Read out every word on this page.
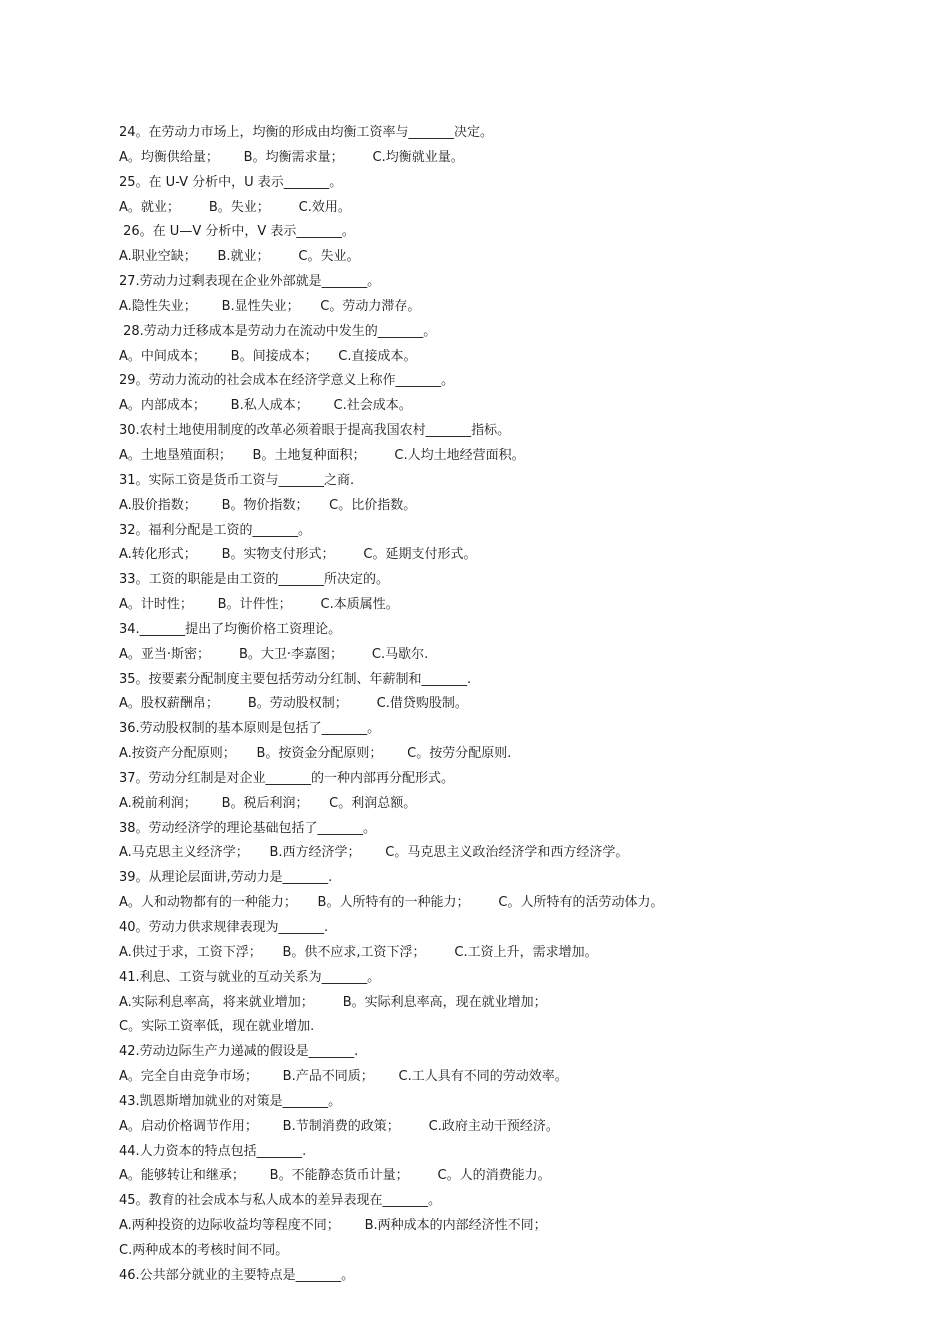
24。在劳动力市场上，均衡的形成由均衡工资率与_______决定。
A。均衡供给量；      B。均衡需求量；       C.均衡就业量。
25。在 U-V 分析中，U 表示_______。
A。就业；       B。失业；       C.效用。
26。在 U—V 分析中，V 表示_______。
A.职业空缺；     B.就业；       C。失业。
27.劳动力过剩表现在企业外部就是_______。
A.隐性失业；      B.显性失业；     C。劳动力滞存。
28.劳动力迁移成本是劳动力在流动中发生的_______。
A。中间成本；      B。间接成本；     C.直接成本。
29。劳动力流动的社会成本在经济学意义上称作_______。
A。内部成本；      B.私人成本；      C.社会成本。
30.农村土地使用制度的改革必须着眼于提高我国农村_______指标。
A。土地垦殖面积；     B。土地复种面积；       C.人均土地经营面积。
31。实际工资是货币工资与_______之商.
A.股价指数；      B。物价指数；     C。比价指数。
32。福利分配是工资的_______。
A.转化形式；      B。实物支付形式；       C。延期支付形式。
33。工资的职能是由工资的_______所决定的。
A。计时性；      B。计件性；       C.本质属性。
34._______提出了均衡价格工资理论。
A。亚当·斯密；       B。大卫·李嘉图；       C.马歇尔.
35。按要素分配制度主要包括劳动分红制、年薪制和_______.
A。股权薪酬帛；       B。劳动股权制；       C.借贷购股制。
36.劳动股权制的基本原则是包括了_______。
A.按资产分配原则；     B。按资金分配原则；      C。按劳分配原则.
37。劳动分红制是对企业_______的一种内部再分配形式。
A.税前利润；      B。税后利润；     C。利润总额。
38。劳动经济学的理论基础包括了_______。
A.马克思主义经济学；     B.西方经济学；      C。马克思主义政治经济学和西方经济学。
39。从理论层面讲,劳动力是_______.
A。人和动物都有的一种能力；     B。人所特有的一种能力；       C。人所特有的活劳动体力。
40。劳动力供求规律表现为_______.
A.供过于求，工资下浮；     B。供不应求,工资下浮；       C.工资上升，需求增加。
41.利息、工资与就业的互动关系为_______。
A.实际利息率高，将来就业增加；       B。实际利息率高，现在就业增加；
C。实际工资率低，现在就业增加.
42.劳动边际生产力递减的假设是_______.
A。完全自由竞争市场；      B.产品不同质；      C.工人具有不同的劳动效率。
43.凯恩斯增加就业的对策是_______。
A。启动价格调节作用；      B.节制消费的政策；       C.政府主动干预经济。
44.人力资本的特点包括_______.
A。能够转让和继承；      B。不能静态货币计量；       C。人的消费能力。
45。教育的社会成本与私人成本的差异表现在_______。
A.两种投资的边际收益均等程度不同；      B.两种成本的内部经济性不同；
C.两种成本的考核时间不同。
46.公共部分就业的主要特点是_______。
